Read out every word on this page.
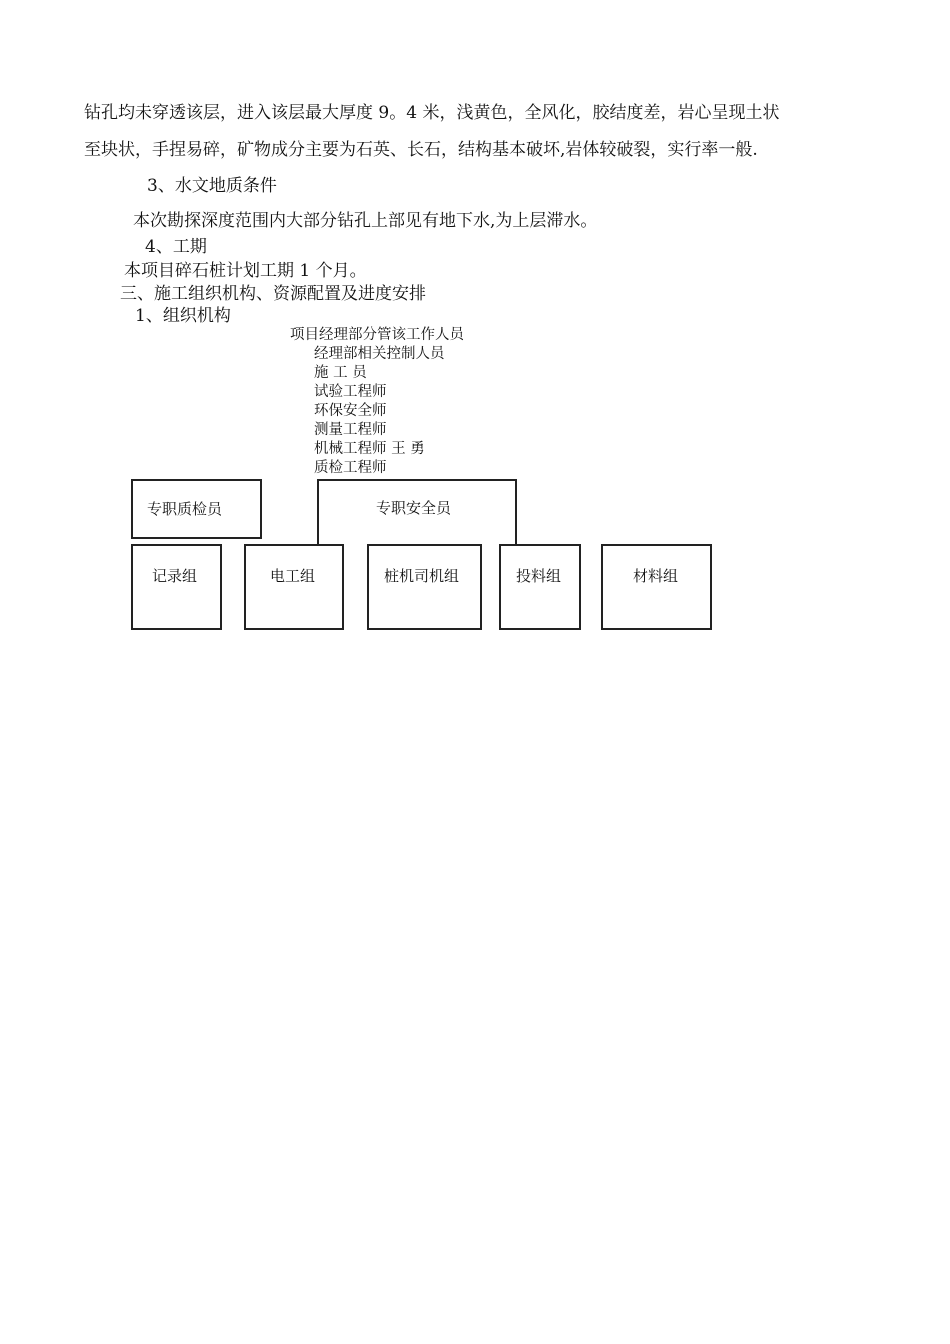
钻孔均未穿透该层，进入该层最大厚度 9。4 米，浅黄色，全风化，胶结度差，岩心呈现土状
至块状，手捏易碎，矿物成分主要为石英、长石，结构基本破坏,岩体较破裂，实行率一般.
3、水文地质条件
本次勘探深度范围内大部分钻孔上部见有地下水,为上层滞水。
4、工期
本项目碎石桩计划工期 1 个月。
三、施工组织机构、资源配置及进度安排
1、组织机构
项目经理部分管该工作人员
经理部相关控制人员
施 工 员
试验工程师
环保安全师
测量工程师
机械工程师 王 勇
质检工程师
专职质检员	专职安全员
记录组	电工组	桩机司机组	投料组	材料组
